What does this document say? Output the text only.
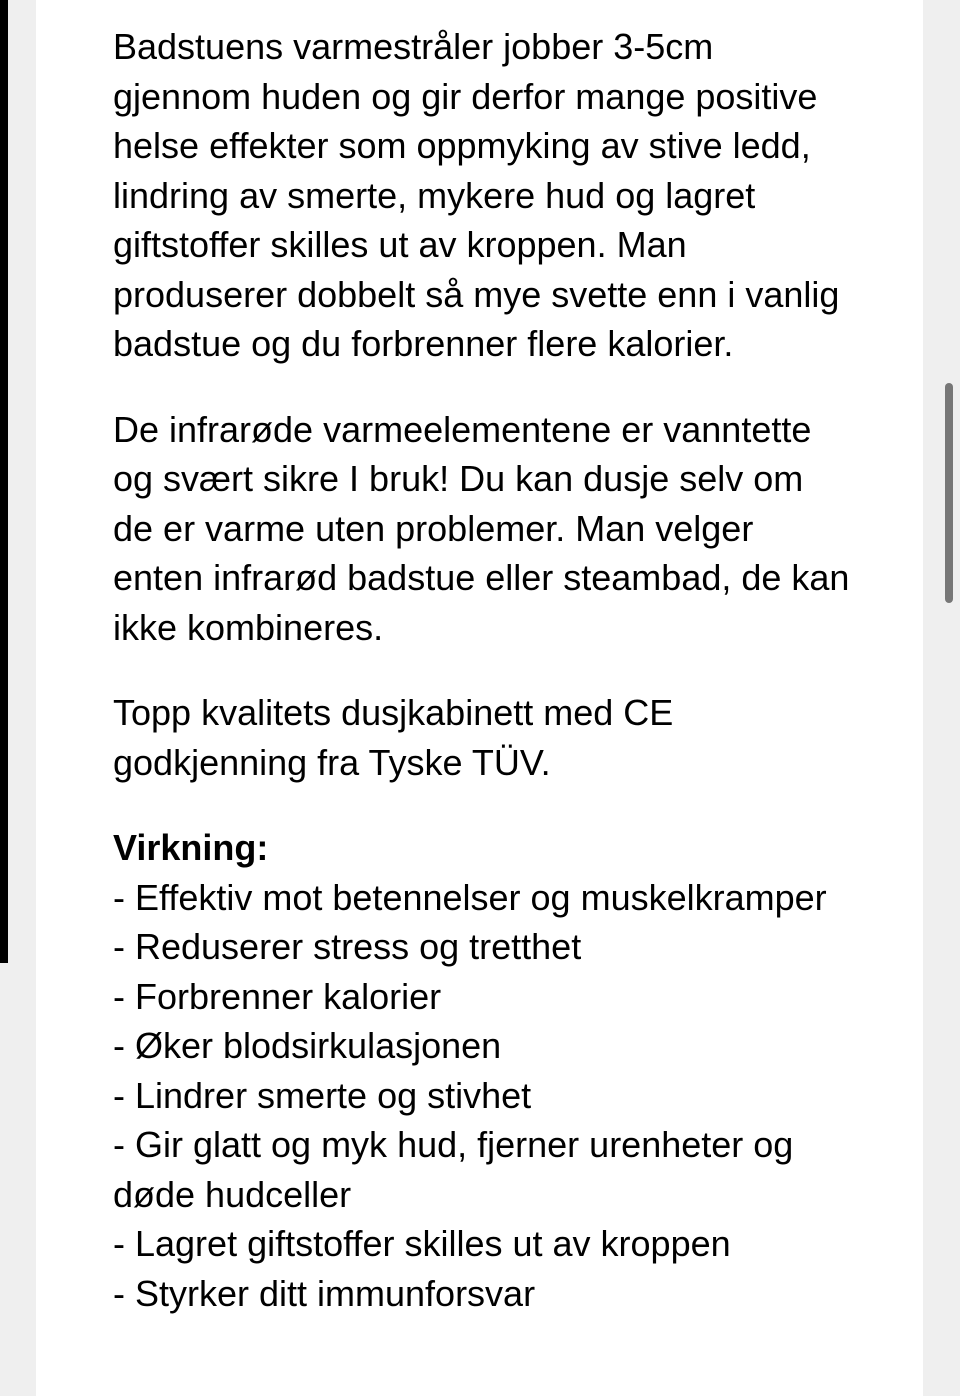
Badstuens varmestråler jobber 3-5cm gjennom huden og gir derfor mange positive helse effekter som oppmyking av stive ledd, lindring av smerte, mykere hud og lagret giftstoffer skilles ut av kroppen. Man produserer dobbelt så mye svette enn i vanlig badstue og du forbrenner flere kalorier.

De infrarøde varmeelementene er vanntette og svært sikre I bruk! Du kan dusje selv om de er varme uten problemer. Man velger enten infrarød badstue eller steambad, de kan ikke kombineres.

Topp kvalitets dusjkabinett med CE godkjenning fra Tyske TÜV.

Virkning:

- Effektiv mot betennelser og muskelkramper
- Reduserer stress og tretthet
- Forbrenner kalorier
- Øker blodsirkulasjonen
- Lindrer smerte og stivhet
- Gir glatt og myk hud, fjerner urenheter og døde hudceller
- Lagret giftstoffer skilles ut av kroppen
- Styrker ditt immunforsvar
